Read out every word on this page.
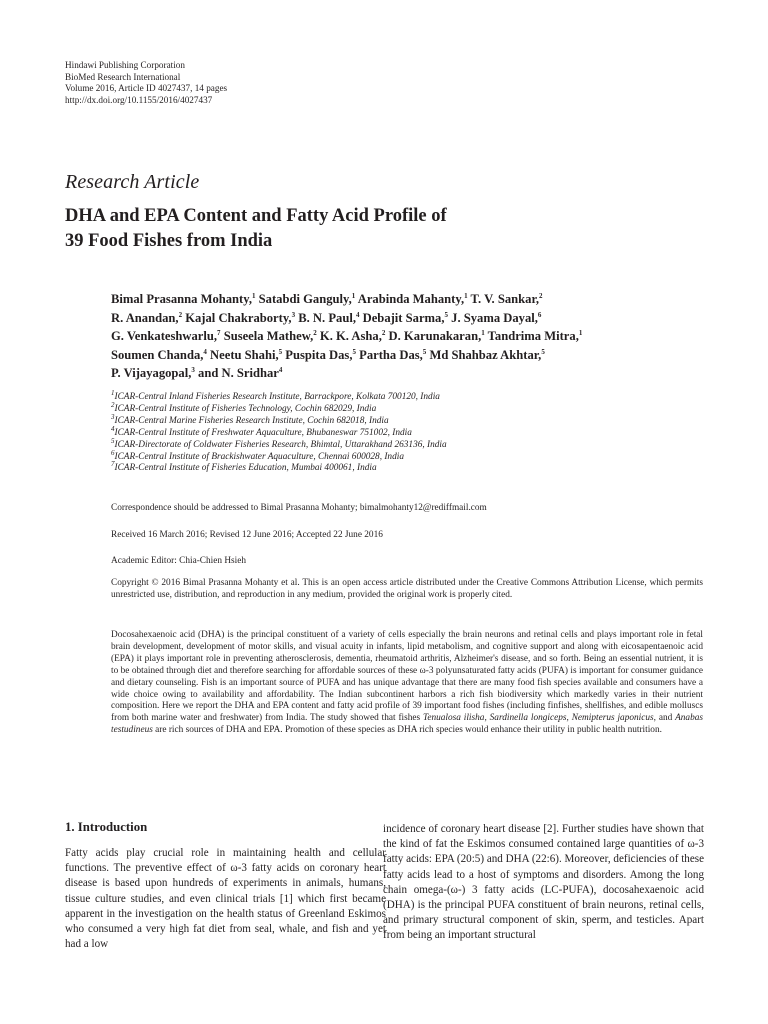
Hindawi Publishing Corporation
BioMed Research International
Volume 2016, Article ID 4027437, 14 pages
http://dx.doi.org/10.1155/2016/4027437
Research Article
DHA and EPA Content and Fatty Acid Profile of
39 Food Fishes from India
Bimal Prasanna Mohanty,$^1$ Satabdi Ganguly,$^1$ Arabinda Mahanty,$^1$ T. V. Sankar,$^2$
R. Anandan,$^2$ Kajal Chakraborty,$^3$ B. N. Paul,$^4$ Debajit Sarma,$^5$ J. Syama Dayal,$^6$
G. Venkateshwarlu,$^7$ Suseela Mathew,$^2$ K. K. Asha,$^2$ D. Karunakaran,$^1$ Tandrima Mitra,$^1$
Soumen Chanda,$^4$ Neetu Shahi,$^5$ Puspita Das,$^5$ Partha Das,$^5$ Md Shahbaz Akhtar,$^5$
P. Vijayagopal,$^3$ and N. Sridhar$^4$
$^1$ICAR-Central Inland Fisheries Research Institute, Barrackpore, Kolkata 700120, India
$^2$ICAR-Central Institute of Fisheries Technology, Cochin 682029, India
$^3$ICAR-Central Marine Fisheries Research Institute, Cochin 682018, India
$^4$ICAR-Central Institute of Freshwater Aquaculture, Bhubaneswar 751002, India
$^5$ICAR-Directorate of Coldwater Fisheries Research, Bhimtal, Uttarakhand 263136, India
$^6$ICAR-Central Institute of Brackishwater Aquaculture, Chennai 600028, India
$^7$ICAR-Central Institute of Fisheries Education, Mumbai 400061, India
Correspondence should be addressed to Bimal Prasanna Mohanty; bimalmohanty12@rediffmail.com
Received 16 March 2016; Revised 12 June 2016; Accepted 22 June 2016
Academic Editor: Chia-Chien Hsieh
Copyright © 2016 Bimal Prasanna Mohanty et al. This is an open access article distributed under the Creative Commons Attribution License, which permits unrestricted use, distribution, and reproduction in any medium, provided the original work is properly cited.
Docosahexaenoic acid (DHA) is the principal constituent of a variety of cells especially the brain neurons and retinal cells and plays important role in fetal brain development, development of motor skills, and visual acuity in infants, lipid metabolism, and cognitive support and along with eicosapentaenoic acid (EPA) it plays important role in preventing atherosclerosis, dementia, rheumatoid arthritis, Alzheimer's disease, and so forth. Being an essential nutrient, it is to be obtained through diet and therefore searching for affordable sources of these ω-3 polyunsaturated fatty acids (PUFA) is important for consumer guidance and dietary counseling. Fish is an important source of PUFA and has unique advantage that there are many food fish species available and consumers have a wide choice owing to availability and affordability. The Indian subcontinent harbors a rich fish biodiversity which markedly varies in their nutrient composition. Here we report the DHA and EPA content and fatty acid profile of 39 important food fishes (including finfishes, shellfishes, and edible molluscs from both marine water and freshwater) from India. The study showed that fishes Tenualosa ilisha, Sardinella longiceps, Nemipterus japonicus, and Anabas testudineus are rich sources of DHA and EPA. Promotion of these species as DHA rich species would enhance their utility in public health nutrition.
1. Introduction
Fatty acids play crucial role in maintaining health and cellular functions. The preventive effect of ω-3 fatty acids on coronary heart disease is based upon hundreds of experiments in animals, humans, tissue culture studies, and even clinical trials [1] which first became apparent in the investigation on the health status of Greenland Eskimos who consumed a very high fat diet from seal, whale, and fish and yet had a low
incidence of coronary heart disease [2]. Further studies have shown that the kind of fat the Eskimos consumed contained large quantities of ω-3 fatty acids: EPA (20:5) and DHA (22:6). Moreover, deficiencies of these fatty acids lead to a host of symptoms and disorders. Among the long chain omega-(ω-) 3 fatty acids (LC-PUFA), docosahexaenoic acid (DHA) is the principal PUFA constituent of brain neurons, retinal cells, and primary structural component of skin, sperm, and testicles. Apart from being an important structural
